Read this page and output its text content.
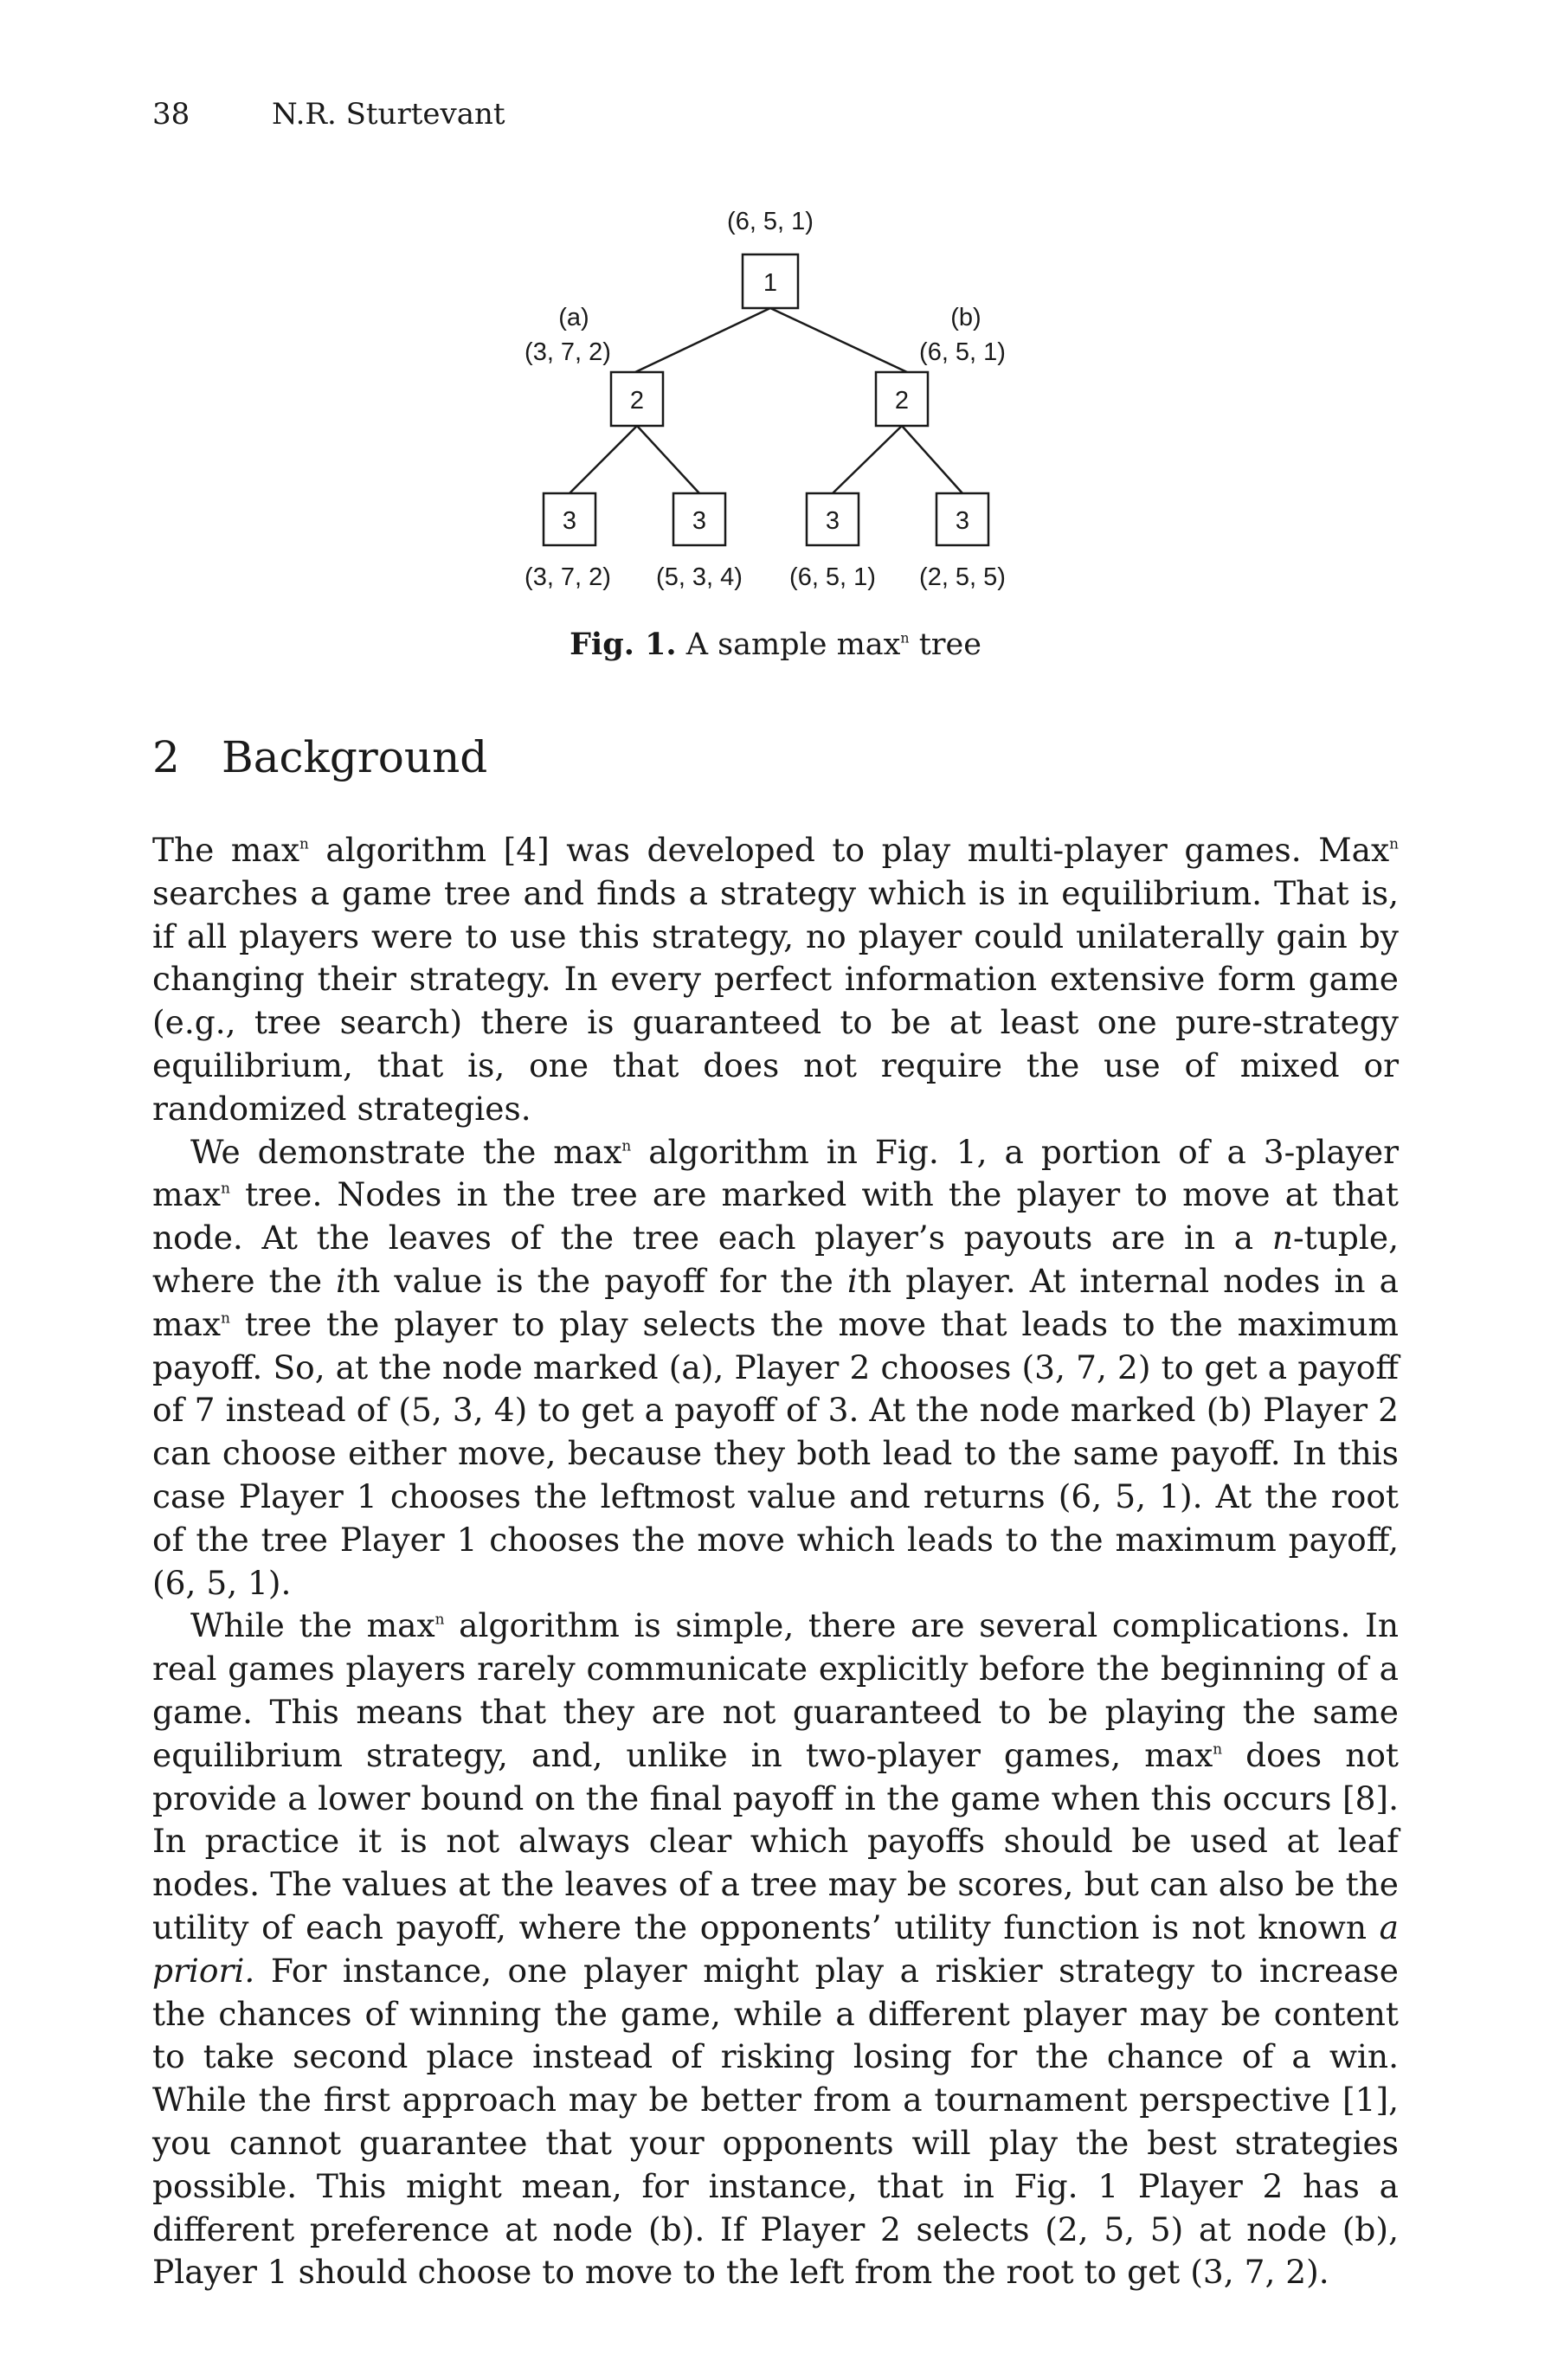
38	N.R. Sturtevant
(6, 5, 1)
1
(a)
(3, 7, 2)
2
(b)
(6, 5, 1)
2
3	3	3	3
(3, 7, 2) (5, 3, 4) (6, 5, 1) (2, 5, 5)
Fig. 1. A sample $\max^n$ tree
2 Background

The $\max^n$ algorithm [4] was developed to play multi-player games. Max$^n$ searches a game tree and finds a strategy which is in equilibrium. That is, if all players were to use this strategy, no player could unilaterally gain by changing their strategy. In every perfect information extensive form game (e.g., tree search) there is guaranteed to be at least one pure-strategy equilibrium, that is, one that does not require the use of mixed or randomized strategies.

We demonstrate the $\max^n$ algorithm in Fig. 1, a portion of a 3-player $\max^n$ tree. Nodes in the tree are marked with the player to move at that node. At the leaves of the tree each player’s payouts are in a n-tuple, where the ith value is the payoff for the ith player. At internal nodes in a $\max^n$ tree the player to play selects the move that leads to the maximum payoff. So, at the node marked (a), Player 2 chooses (3, 7, 2) to get a payoff of 7 instead of (5, 3, 4) to get a payoff of 3. At the node marked (b) Player 2 can choose either move, because they both lead to the same payoff. In this case Player 1 chooses the leftmost value and returns (6, 5, 1). At the root of the tree Player 1 chooses the move which leads to the maximum payoff, (6, 5, 1).

While the $\max^n$ algorithm is simple, there are several complications. In real games players rarely communicate explicitly before the beginning of a game. This means that they are not guaranteed to be playing the same equilibrium strategy, and, unlike in two-player games, $\max^n$ does not provide a lower bound on the final payoff in the game when this occurs [8]. In practice it is not always clear which payoffs should be used at leaf nodes. The values at the leaves of a tree may be scores, but can also be the utility of each payoff, where the opponents’ utility function is not known a priori. For instance, one player might play a riskier strategy to increase the chances of winning the game, while a different player may be content to take second place instead of risking losing for the chance of a win. While the first approach may be better from a tournament perspective [1], you cannot guarantee that your opponents will play the best strategies possible. This might mean, for instance, that in Fig. 1 Player 2 has a different preference at node (b). If Player 2 selects (2, 5, 5) at node (b), Player 1 should choose to move to the left from the root to get (3, 7, 2).
